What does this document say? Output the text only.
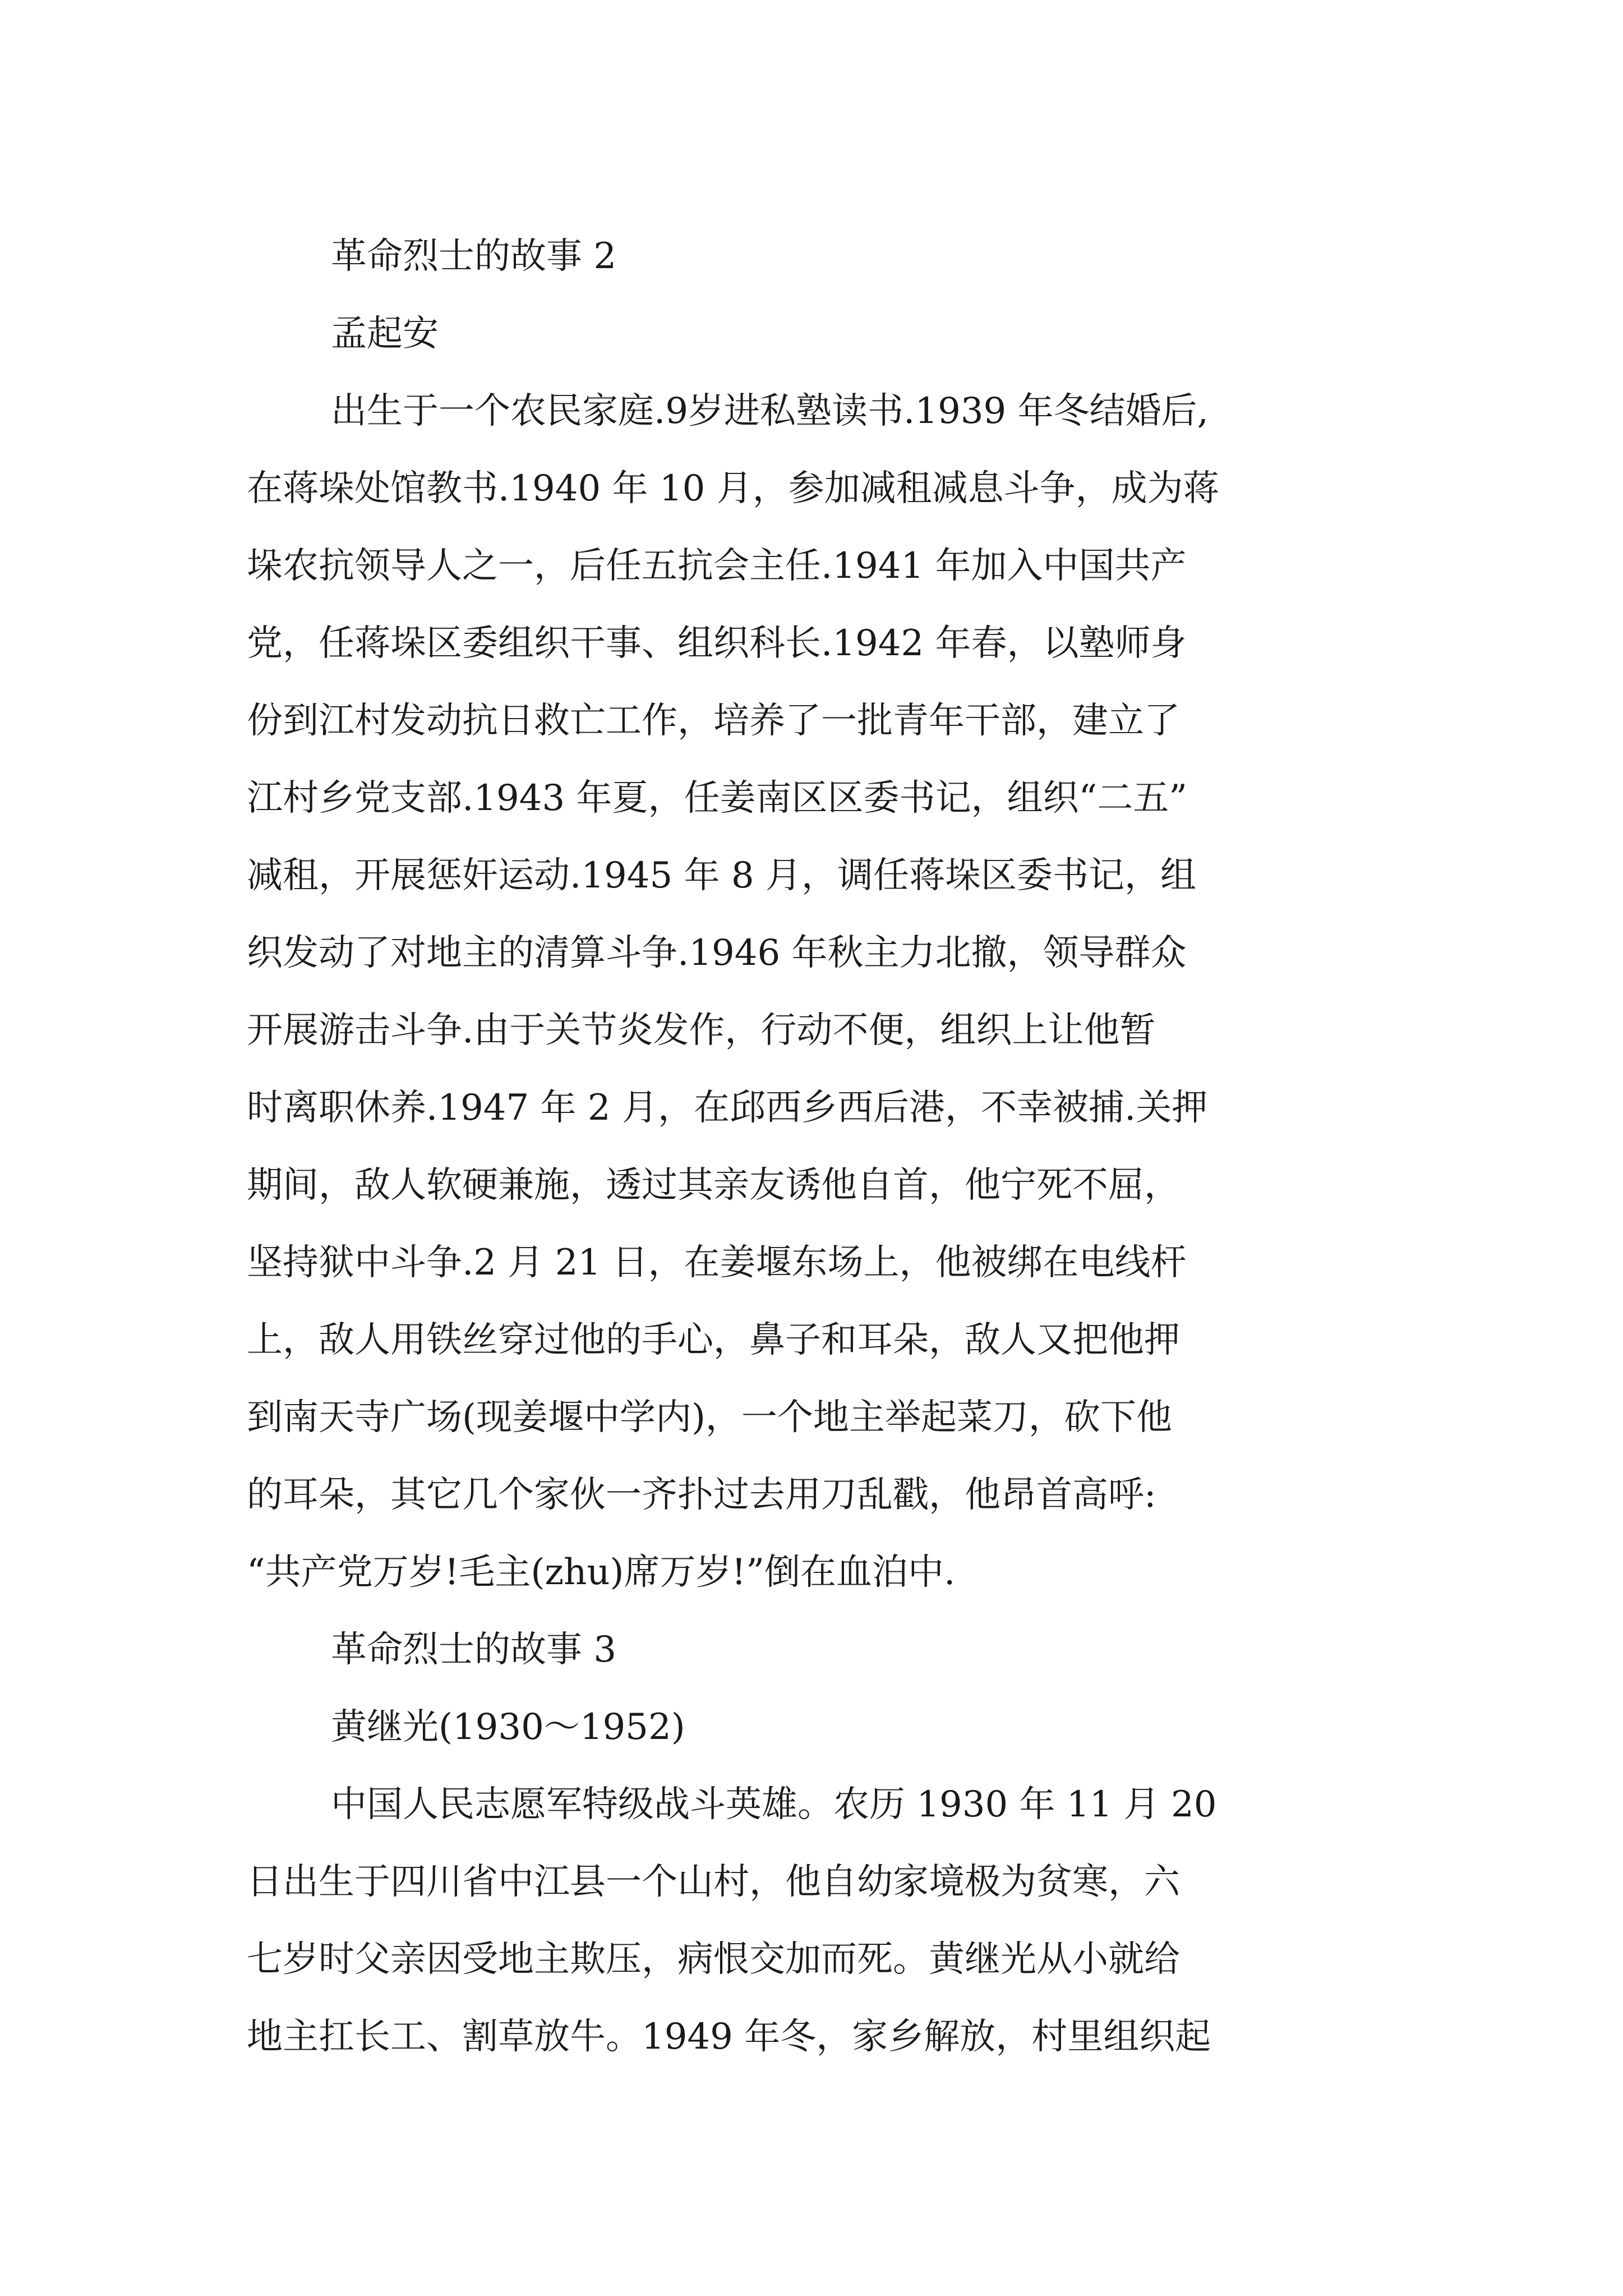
革命烈士的故事 2
孟起安
出生于一个农民家庭.9岁进私塾读书.1939 年冬结婚后,
在蒋垛处馆教书.1940 年 10 月，参加减租减息斗争，成为蒋
垛农抗领导人之一，后任五抗会主任.1941 年加入中国共产
党，任蒋垛区委组织干事、组织科长.1942 年春，以塾师身
份到江村发动抗日救亡工作，培养了一批青年干部，建立了
江村乡党支部.1943 年夏，任姜南区区委书记，组织“二五”
减租，开展惩奸运动.1945 年 8 月，调任蒋垛区委书记，组
织发动了对地主的清算斗争.1946 年秋主力北撤，领导群众
开展游击斗争.由于关节炎发作，行动不便，组织上让他暂
时离职休养.1947 年 2 月，在邱西乡西后港，不幸被捕.关押
期间，敌人软硬兼施，透过其亲友诱他自首，他宁死不屈，
坚持狱中斗争.2 月 21 日，在姜堰东场上，他被绑在电线杆
上，敌人用铁丝穿过他的手心，鼻子和耳朵，敌人又把他押
到南天寺广场(现姜堰中学内)，一个地主举起菜刀，砍下他
的耳朵，其它几个家伙一齐扑过去用刀乱戳，他昂首高呼:
“共产党万岁!毛主(zhu)席万岁!”倒在血泊中.
革命烈士的故事 3
黄继光(1930～1952)
中国人民志愿军特级战斗英雄。农历 1930 年 11 月 20
日出生于四川省中江县一个山村，他自幼家境极为贫寒，六
七岁时父亲因受地主欺压，病恨交加而死。黄继光从小就给
地主扛长工、割草放牛。1949 年冬，家乡解放，村里组织起
